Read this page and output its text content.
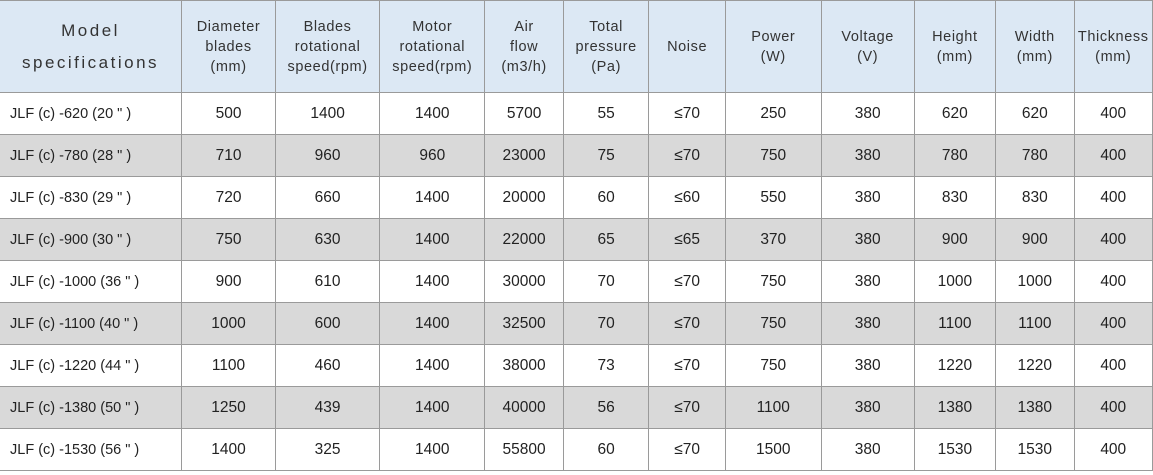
Model
specifications	Diameter
blades
(mm)	Blades
rotational
speed(rpm)	Motor
rotational
speed(rpm)	Air
flow
(m3/h)	Total
pressure
(Pa)	Noise	Power
(W)	Voltage
(V)	Height
(mm)	Width
(mm)	Thickness
(mm)

JLF (c) -620 (20 " )	500	1400	1400	5700	55	≤70	250	380	620	620	400
JLF (c) -780 (28 " )	710	960	960	23000	75	≤70	750	380	780	780	400
JLF (c) -830 (29 " )	720	660	1400	20000	60	≤60	550	380	830	830	400
JLF (c) -900 (30 " )	750	630	1400	22000	65	≤65	370	380	900	900	400
JLF (c) -1000 (36 " )	900	610	1400	30000	70	≤70	750	380	1000	1000	400
JLF (c) -1100 (40 " )	1000	600	1400	32500	70	≤70	750	380	1100	1100	400
JLF (c) -1220 (44 " )	1100	460	1400	38000	73	≤70	750	380	1220	1220	400
JLF (c) -1380 (50 " )	1250	439	1400	40000	56	≤70	1100	380	1380	1380	400
JLF (c) -1530 (56 " )	1400	325	1400	55800	60	≤70	1500	380	1530	1530	400
